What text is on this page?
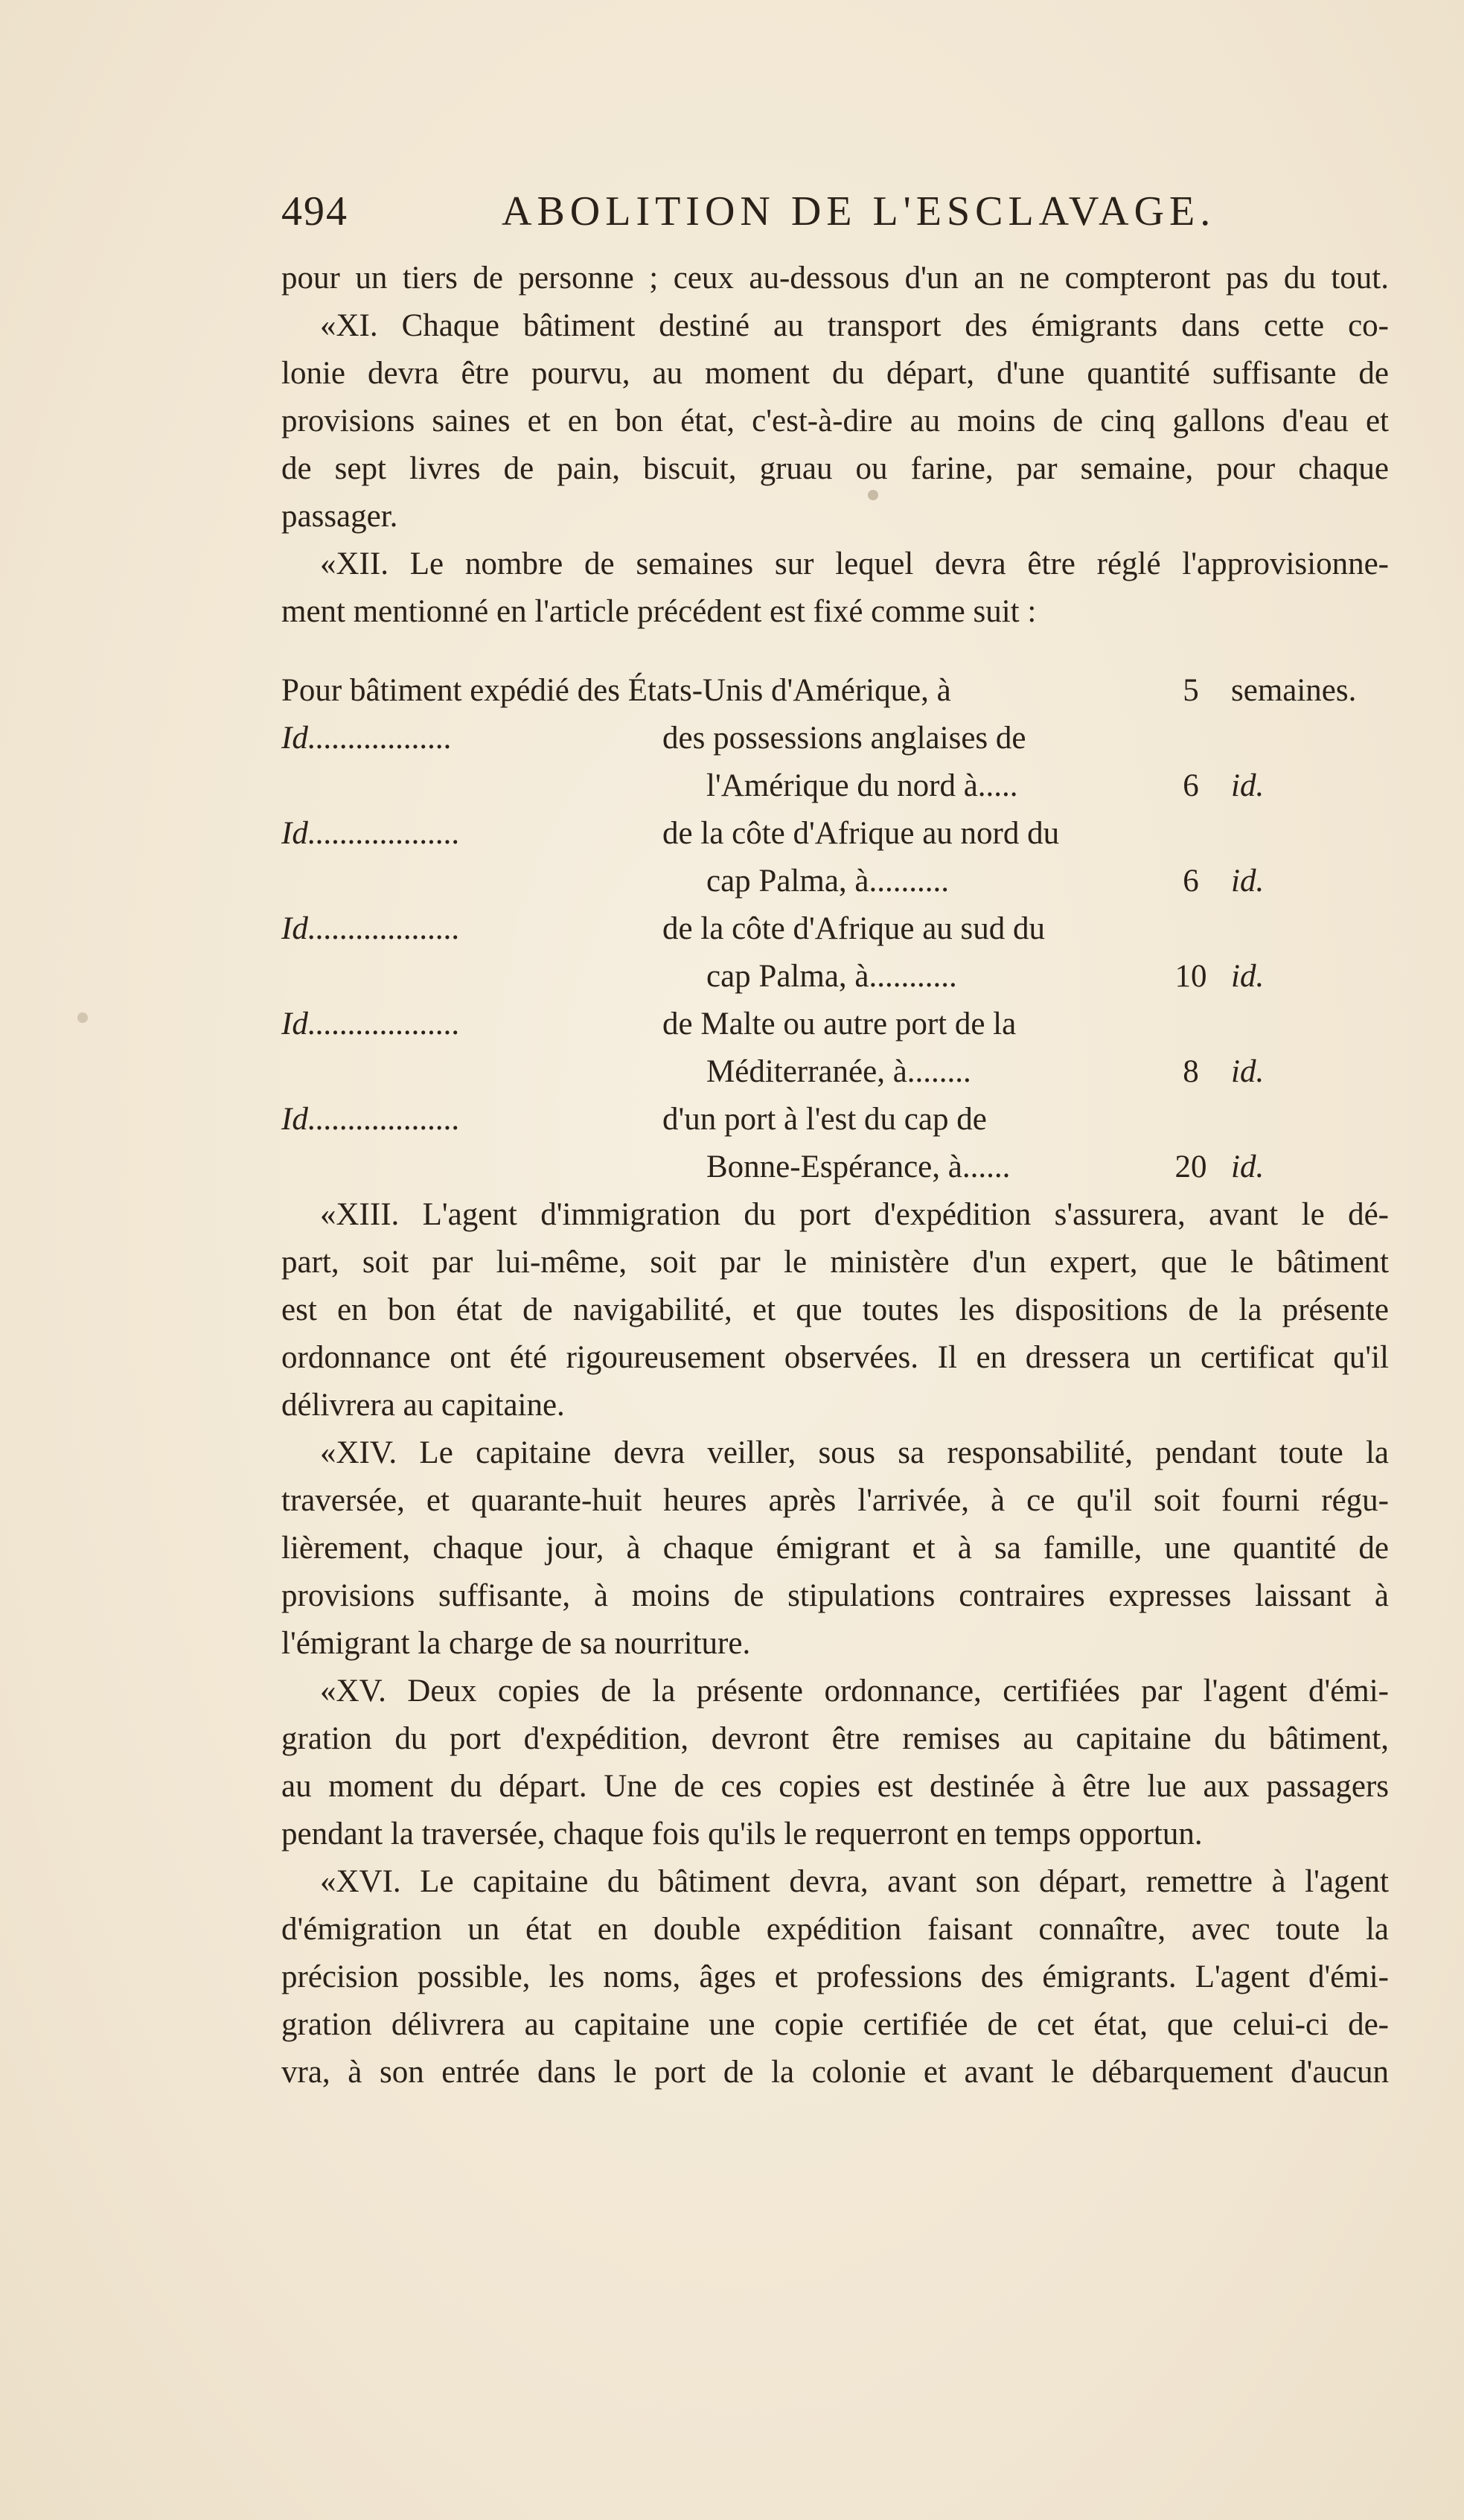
494	ABOLITION DE L'ESCLAVAGE.
pour un tiers de personne ; ceux au-dessous d'un an ne compteront pas du tout.
«XI. Chaque bâtiment destiné au transport des émigrants dans cette co-
lonie devra être pourvu, au moment du départ, d'une quantité suffisante de
provisions saines et en bon état, c'est-à-dire au moins de cinq gallons d'eau et
de sept livres de pain, biscuit, gruau ou farine, par semaine, pour chaque
passager.
«XII. Le nombre de semaines sur lequel devra être réglé l'approvisionne-
ment mentionné en l'article précédent est fixé comme suit :
Pour bâtiment expédié des États-Unis d'Amérique, à	5	semaines.
Id..................	des possessions anglaises de
l'Amérique du nord à.....	6	id.
Id...................	de la côte d'Afrique au nord du
cap Palma, à..........	6	id.
Id...................	de la côte d'Afrique au sud du
cap Palma, à...........	10 id.
Id...................	de Malte ou autre port de la
Méditerranée, à........	8	id.
Id...................	d'un port à l'est du cap de
Bonne-Espérance, à......	20 id.
«XIII. L'agent d'immigration du port d'expédition s'assurera, avant le dé-
part, soit par lui-même, soit par le ministère d'un expert, que le bâtiment
est en bon état de navigabilité, et que toutes les dispositions de la présente
ordonnance ont été rigoureusement observées. Il en dressera un certificat qu'il
délivrera au capitaine.
«XIV. Le capitaine devra veiller, sous sa responsabilité, pendant toute la
traversée, et quarante-huit heures après l'arrivée, à ce qu'il soit fourni régu-
lièrement, chaque jour, à chaque émigrant et à sa famille, une quantité de
provisions suffisante, à moins de stipulations contraires expresses laissant à
l'émigrant la charge de sa nourriture.
«XV. Deux copies de la présente ordonnance, certifiées par l'agent d'émi-
gration du port d'expédition, devront être remises au capitaine du bâtiment,
au moment du départ. Une de ces copies est destinée à être lue aux passagers
pendant la traversée, chaque fois qu'ils le requerront en temps opportun.
«XVI. Le capitaine du bâtiment devra, avant son départ, remettre à l'agent
d'émigration un état en double expédition faisant connaître, avec toute la
précision possible, les noms, âges et professions des émigrants. L'agent d'émi-
gration délivrera au capitaine une copie certifiée de cet état, que celui-ci de-
vra, à son entrée dans le port de la colonie et avant le débarquement d'aucun
